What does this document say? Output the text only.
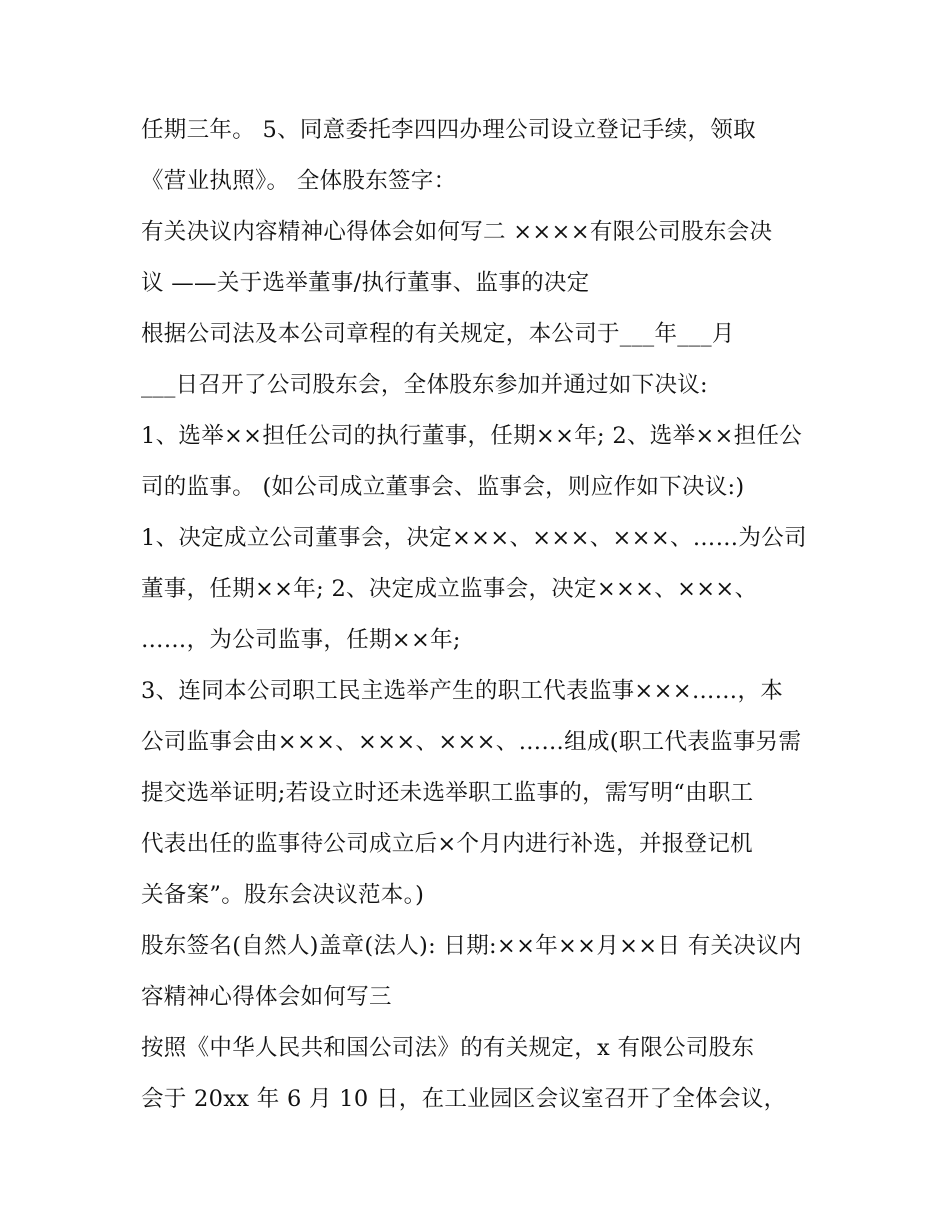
任期三年。 5、同意委托李四四办理公司设立登记手续，领取
《营业执照》。 全体股东签字：
有关决议内容精神心得体会如何写二 ××××有限公司股东会决
议 ——关于选举董事/执行董事、监事的决定
根据公司法及本公司章程的有关规定，本公司于___年___月
___日召开了公司股东会，全体股东参加并通过如下决议:
1、选举××担任公司的执行董事，任期××年; 2、选举××担任公
司的监事。 (如公司成立董事会、监事会，则应作如下决议:)
1、决定成立公司董事会，决定×××、×××、×××、……为公司
董事，任期××年; 2、决定成立监事会，决定×××、×××、
……，为公司监事，任期××年;
3、连同本公司职工民主选举产生的职工代表监事×××……，本
公司监事会由×××、×××、×××、……组成(职工代表监事另需
提交选举证明;若设立时还未选举职工监事的，需写明“由职工
代表出任的监事待公司成立后×个月内进行补选，并报登记机
关备案”。股东会决议范本。)
股东签名(自然人)盖章(法人): 日期:××年××月××日 有关决议内
容精神心得体会如何写三
按照《中华人民共和国公司法》的有关规定，x 有限公司股东
会于 20xx 年 6 月 10 日，在工业园区会议室召开了全体会议，
